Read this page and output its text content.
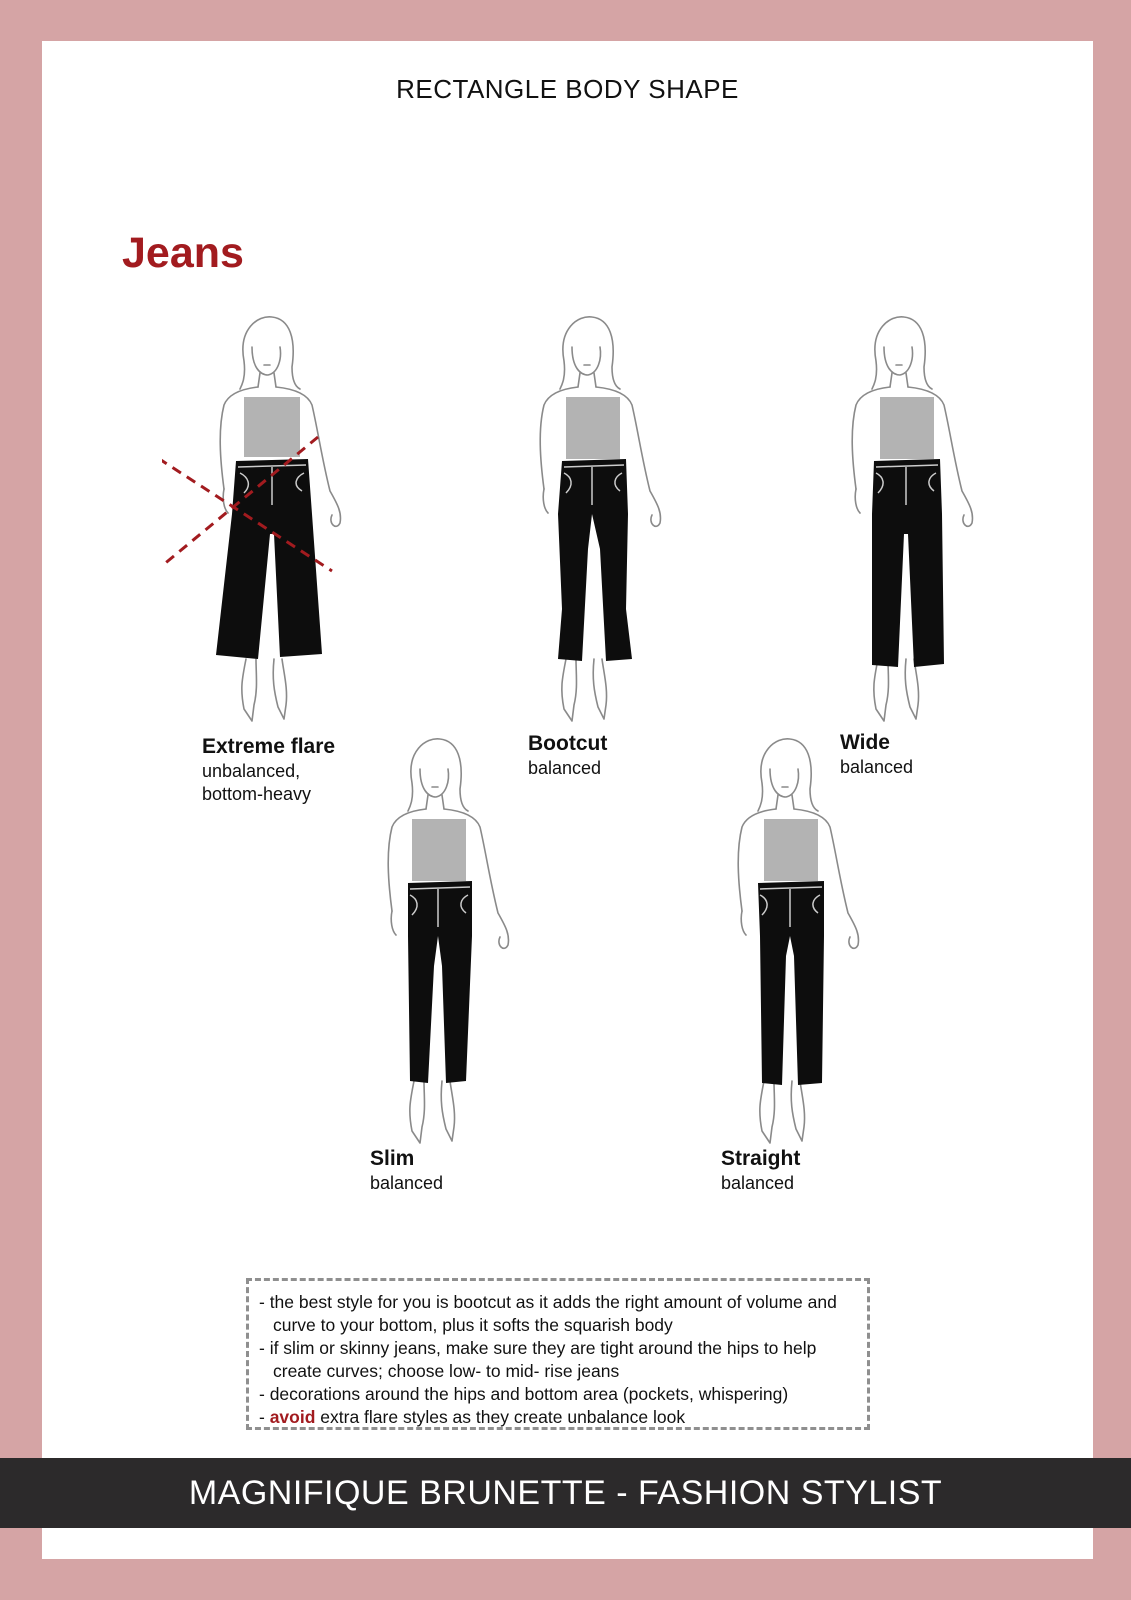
RECTANGLE BODY SHAPE
Jeans
Extreme flare
unbalanced, bottom-heavy
Bootcut
balanced
Wide
balanced
Slim
balanced
Straight
balanced
- the best style for you is bootcut as it adds the right amount of volume and curve to your bottom, plus it softs the squarish body
- if slim or skinny jeans, make sure they are tight around the hips to help create curves; choose low- to mid- rise jeans
- decorations around the hips and bottom area (pockets, whispering)
- avoid extra flare styles as they create unbalance look
MAGNIFIQUE BRUNETTE - FASHION STYLIST
